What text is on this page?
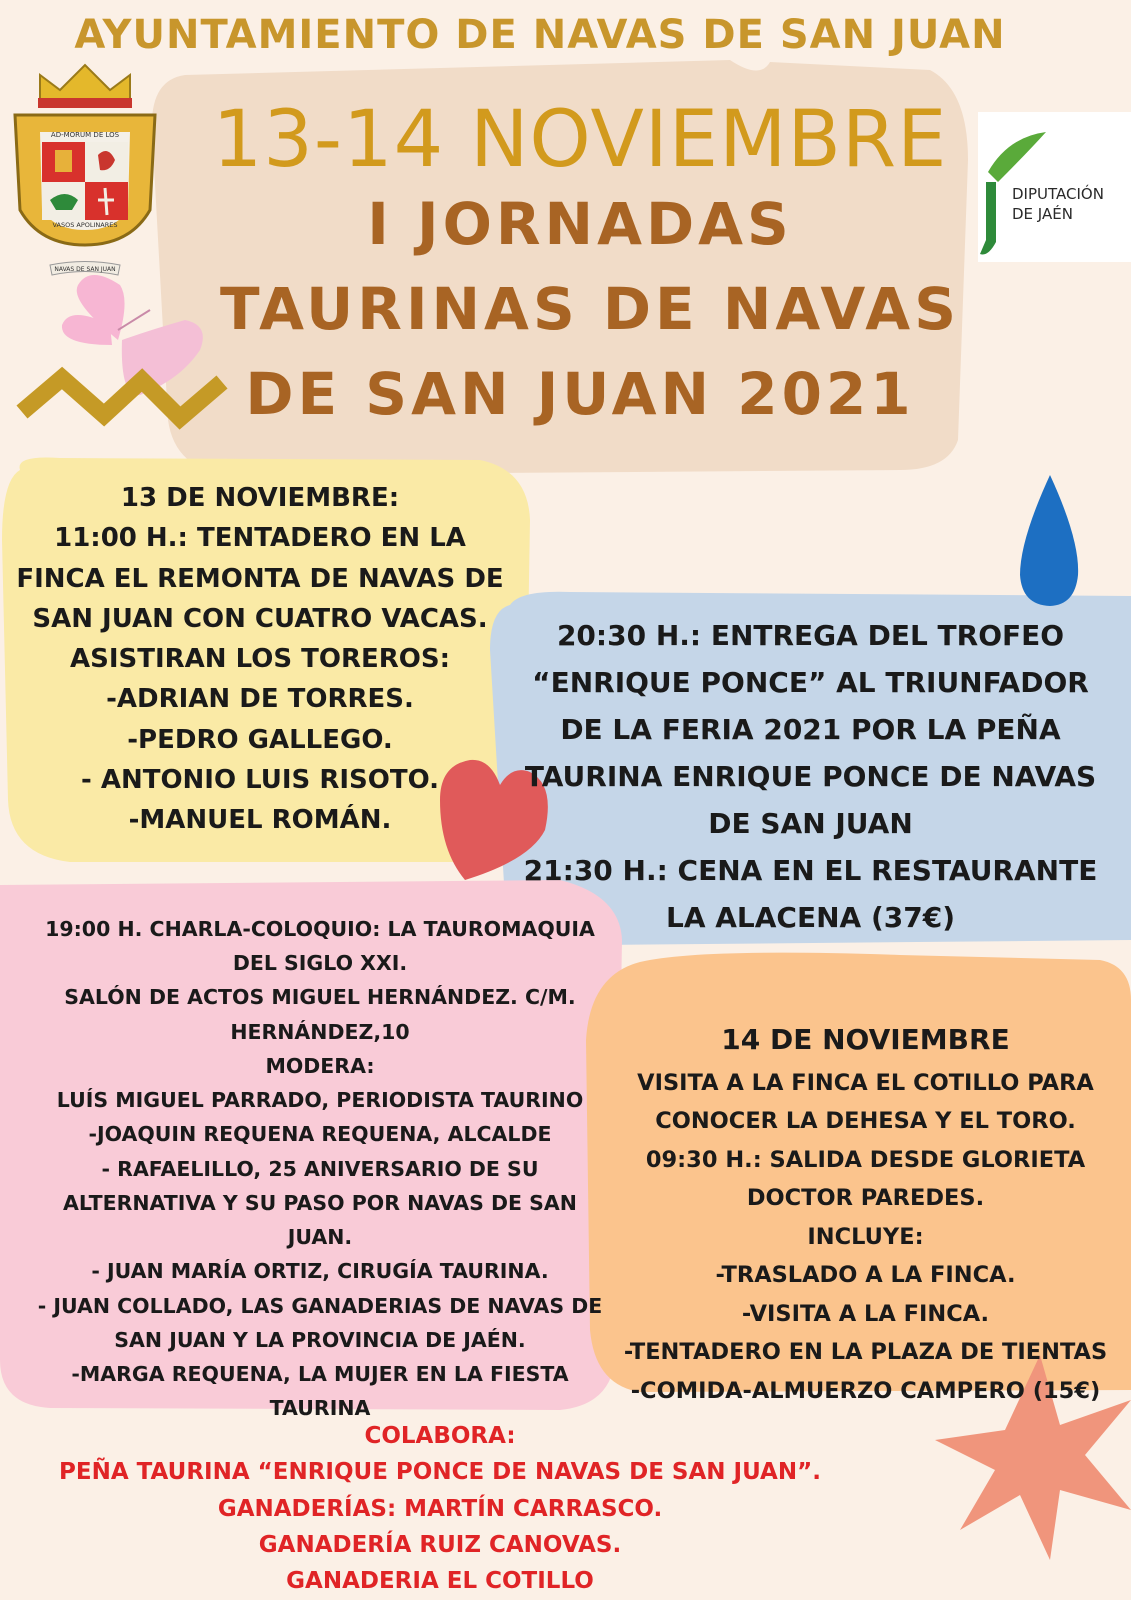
AYUNTAMIENTO DE NAVAS DE SAN JUAN
AD-MORUM DE LOS
VASOS APOLINARES
NAVAS DE SAN JUAN
13-14 NOVIEMBRE
I JORNADAS
TAURINAS DE NAVAS
DE SAN JUAN 2021
DIPUTACIÓN
DE JAÉN
13 DE NOVIEMBRE:
11:00 H.: TENTADERO EN LA
FINCA EL REMONTA DE NAVAS DE
SAN JUAN CON CUATRO VACAS.
ASISTIRAN LOS TOREROS:
-ADRIAN DE TORRES.
-PEDRO GALLEGO.
- ANTONIO LUIS RISOTO.
-MANUEL ROMÁN.
20:30 H.: ENTREGA DEL TROFEO
“ENRIQUE PONCE” AL TRIUNFADOR
DE LA FERIA 2021 POR LA PEÑA
TAURINA ENRIQUE PONCE DE NAVAS
DE SAN JUAN
21:30 H.: CENA EN EL RESTAURANTE
LA ALACENA (37€)
19:00 H. CHARLA-COLOQUIO: LA TAUROMAQUIA
DEL SIGLO XXI.
SALÓN DE ACTOS MIGUEL HERNÁNDEZ. C/M.
HERNÁNDEZ,10
MODERA:
LUÍS MIGUEL PARRADO, PERIODISTA TAURINO
-JOAQUIN REQUENA REQUENA, ALCALDE
- RAFAELILLO, 25 ANIVERSARIO DE SU
ALTERNATIVA Y SU PASO POR NAVAS DE SAN
JUAN.
- JUAN MARÍA ORTIZ, CIRUGÍA TAURINA.
- JUAN COLLADO, LAS GANADERIAS DE NAVAS DE
SAN JUAN Y LA PROVINCIA DE JAÉN.
-MARGA REQUENA, LA MUJER EN LA FIESTA
TAURINA
14 DE NOVIEMBRE
VISITA A LA FINCA EL COTILLO PARA
CONOCER LA DEHESA Y EL TORO.
09:30 H.: SALIDA DESDE GLORIETA
DOCTOR PAREDES.
INCLUYE:
-TRASLADO A LA FINCA.
-VISITA A LA FINCA.
-TENTADERO EN LA PLAZA DE TIENTAS
-COMIDA-ALMUERZO CAMPERO (15€)
COLABORA:
PEÑA TAURINA “ENRIQUE PONCE DE NAVAS DE SAN JUAN”.
GANADERÍAS: MARTÍN CARRASCO.
GANADERÍA RUIZ CANOVAS.
GANADERIA EL COTILLO
